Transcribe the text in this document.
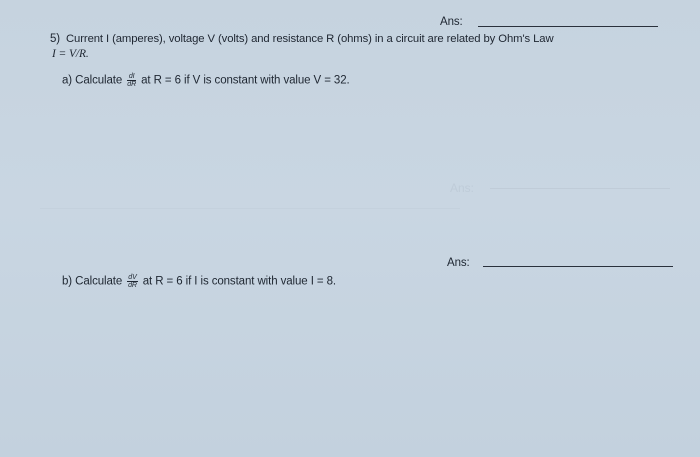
Ans:
5) Current I (amperes), voltage V (volts) and resistance R (ohms) in a circuit are related by Ohm's Law
I = V/R.
a) Calculate $\frac{dI}{dR}$ at R = 6 if V is constant with value V = 32.
Ans:
Ans:
b) Calculate $\frac{dV}{dR}$ at R = 6 if I is constant with value I = 8.
